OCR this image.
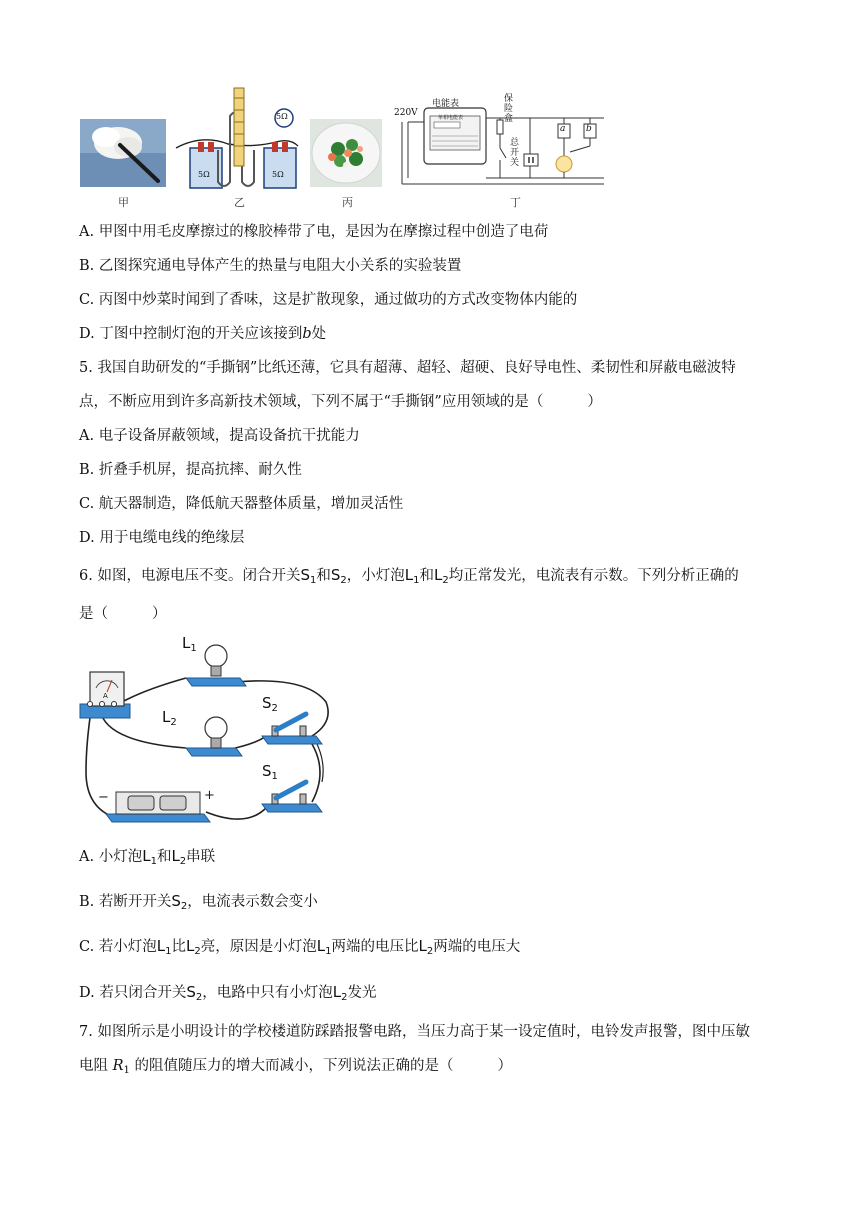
甲
5Ω
5Ω	5Ω
乙	丙
电能表
单相电能表
220V
保 险 盒
总 开 关
a b
丁
A. 甲图中用毛皮摩擦过的橡胶棒带了电，是因为在摩擦过程中创造了电荷
B. 乙图探究通电导体产生的热量与电阻大小关系的实验装置
C. 丙图中炒菜时闻到了香味，这是扩散现象，通过做功的方式改变物体内能的
D. 丁图中控制灯泡的开关应该接到b处
5. 我国自助研发的“手撕钢”比纸还薄，它具有超薄、超轻、超硬、良好导电性、柔韧性和屏蔽电磁波特
点，不断应用到许多高新技术领域，下列不属于“手撕钢”应用领域的是（	）
A. 电子设备屏蔽领域，提高设备抗干扰能力
B. 折叠手机屏，提高抗摔、耐久性
C. 航天器制造，降低航天器整体质量，增加灵活性
D. 用于电缆电线的绝缘层
6. 如图，电源电压不变。闭合开关$S_1$和$S_2$，小灯泡$L_1$和$L_2$均正常发光，电流表有示数。下列分析正确的
是（	）
$L_1$
$L_2$
$S_2$
$S_1$
A
−	+
A. 小灯泡$L_1$和$L_2$串联
B. 若断开开关$S_2$，电流表示数会变小
C. 若小灯泡$L_1$比$L_2$亮，原因是小灯泡$L_1$两端的电压比$L_2$两端的电压大
D. 若只闭合开关$S_2$，电路中只有小灯泡$L_2$发光
7. 如图所示是小明设计的学校楼道防踩踏报警电路，当压力高于某一设定值时，电铃发声报警，图中压敏
电阻 $R_1$ 的阻值随压力的增大而减小，下列说法正确的是（	）
